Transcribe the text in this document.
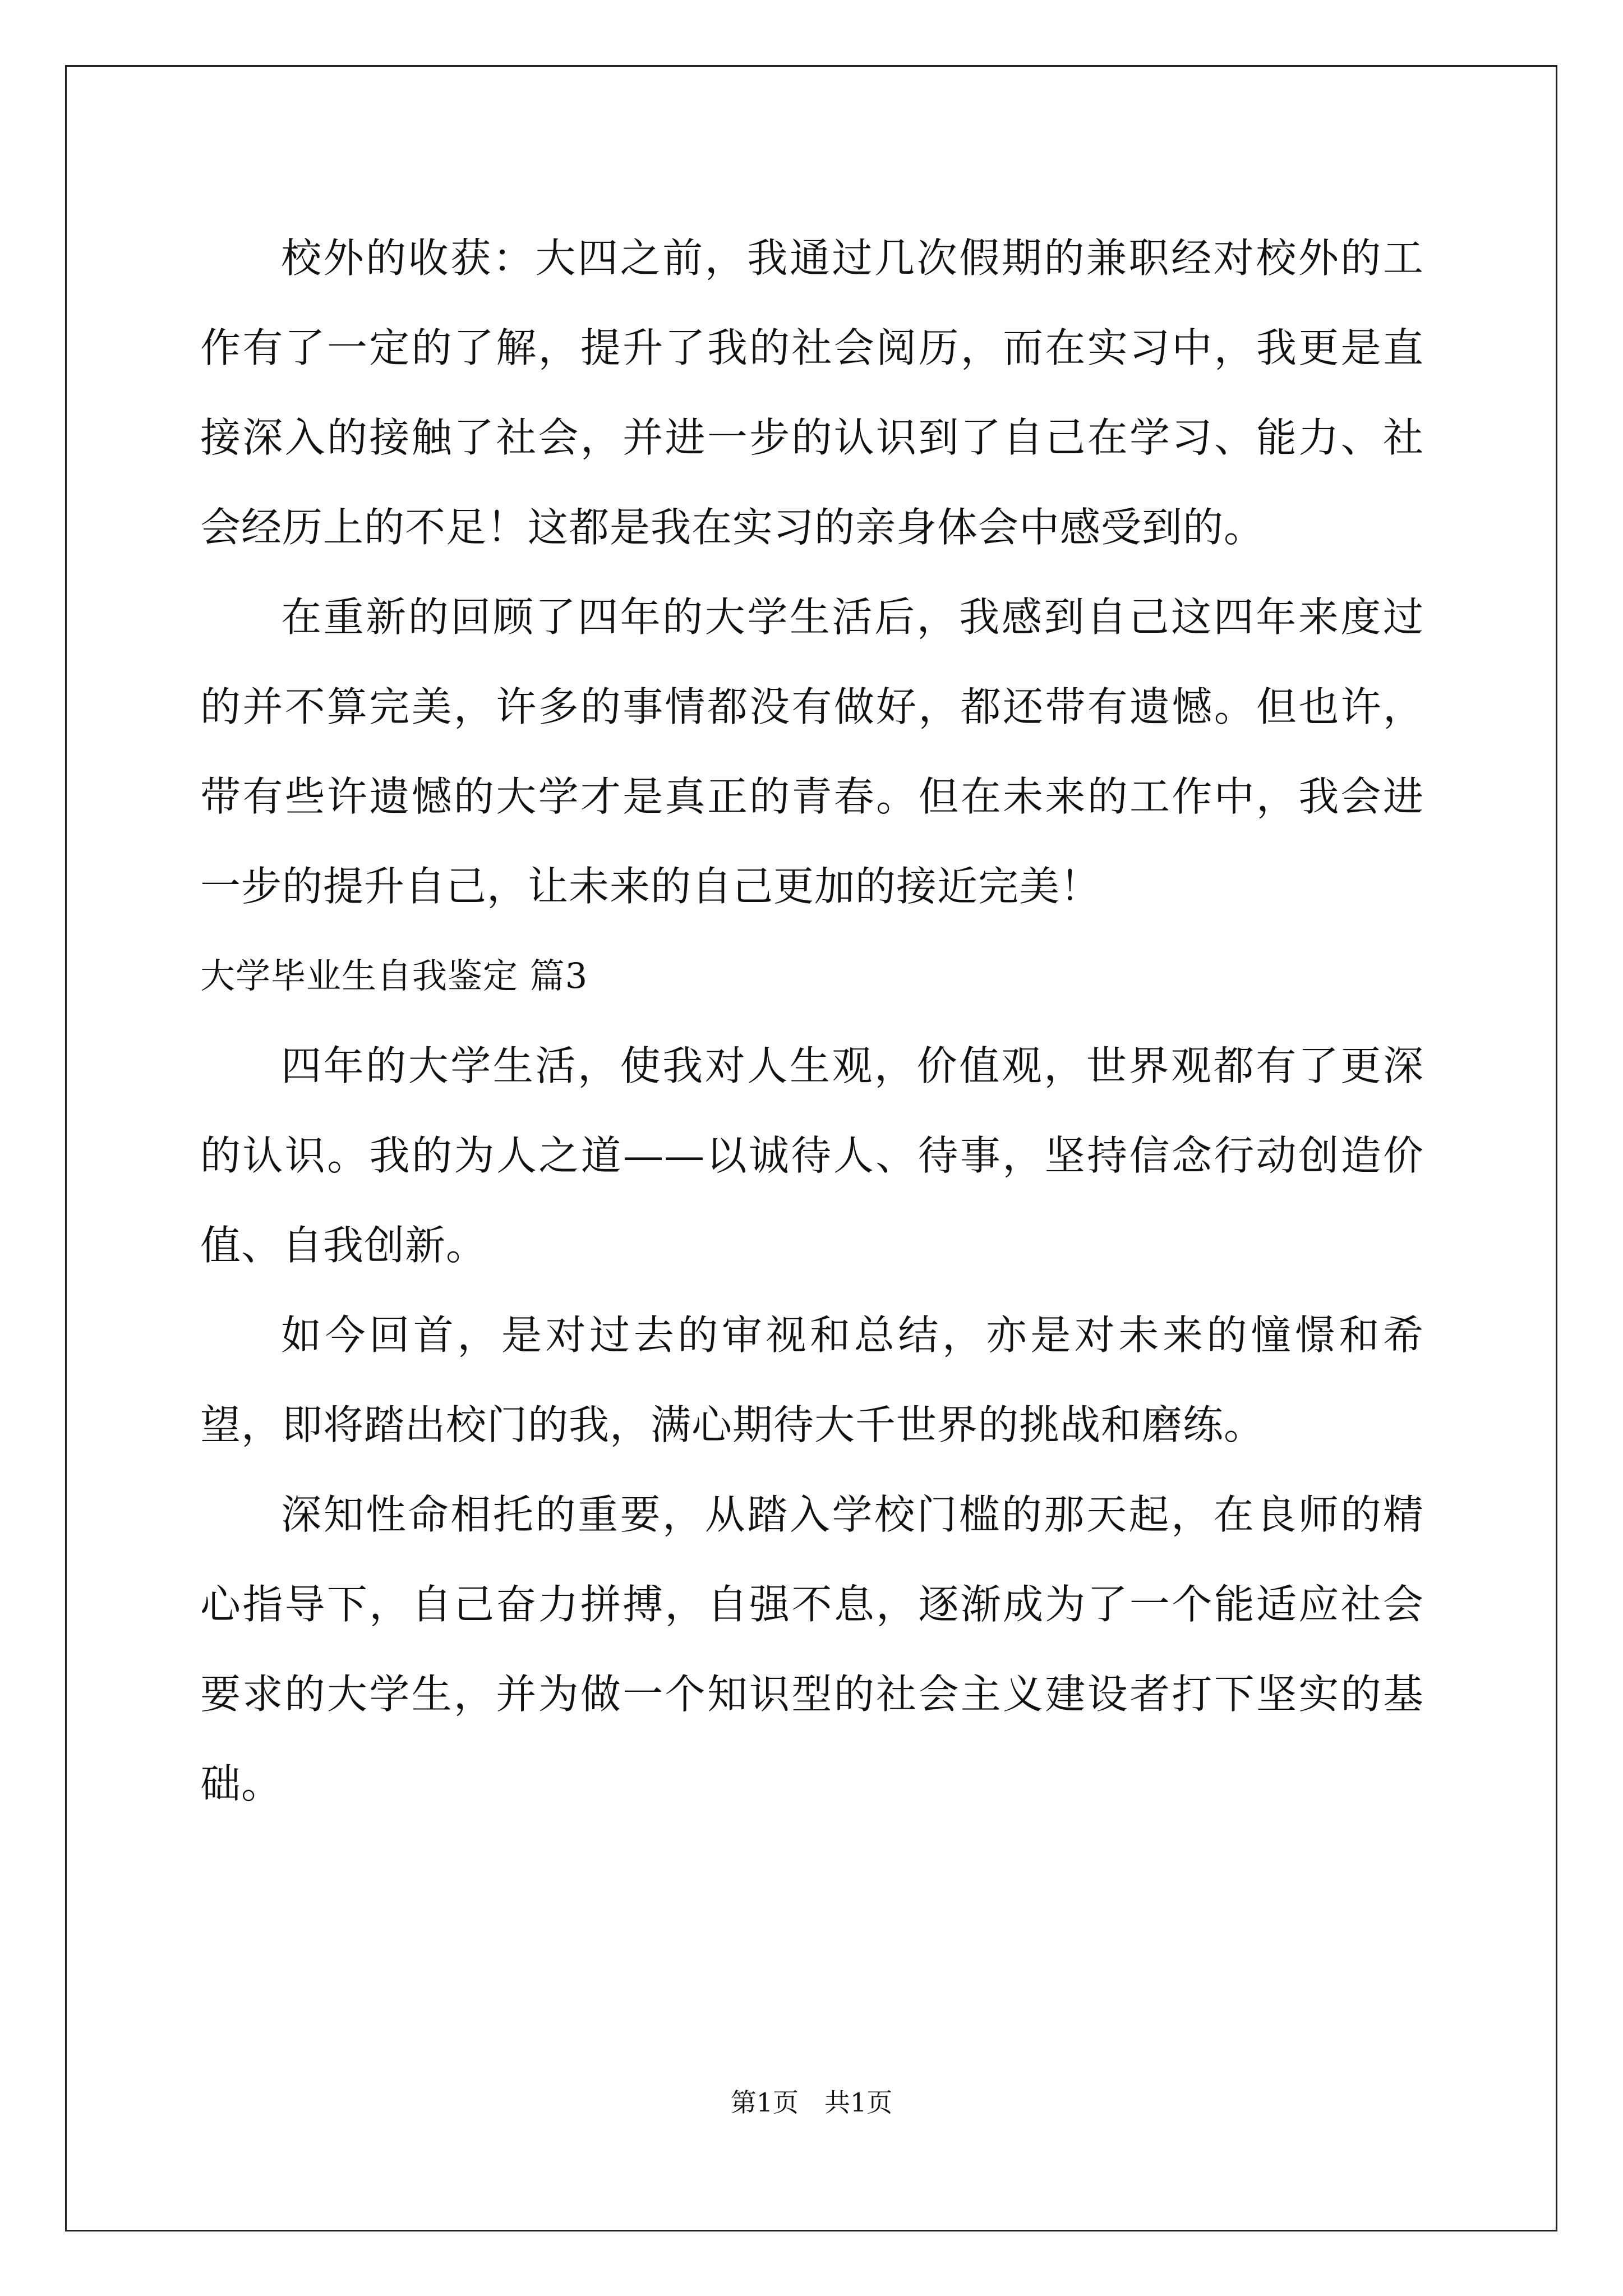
校外的收获：大四之前，我通过几次假期的兼职经对校外的工作有了一定的了解，提升了我的社会阅历，而在实习中，我更是直接深入的接触了社会，并进一步的认识到了自己在学习、能力、社会经历上的不足！这都是我在实习的亲身体会中感受到的。

在重新的回顾了四年的大学生活后，我感到自己这四年来度过的并不算完美，许多的事情都没有做好，都还带有遗憾。但也许，带有些许遗憾的大学才是真正的青春。但在未来的工作中，我会进一步的提升自己，让未来的自己更加的接近完美！

大学毕业生自我鉴定 篇3

四年的大学生活，使我对人生观，价值观，世界观都有了更深的认识。我的为人之道——以诚待人、待事，坚持信念行动创造价值、自我创新。

如今回首，是对过去的审视和总结，亦是对未来的憧憬和希望，即将踏出校门的我，满心期待大千世界的挑战和磨练。

深知性命相托的重要，从踏入学校门槛的那天起，在良师的精心指导下，自己奋力拼搏，自强不息，逐渐成为了一个能适应社会要求的大学生，并为做一个知识型的社会主义建设者打下坚实的基础。

第1页　共1页
